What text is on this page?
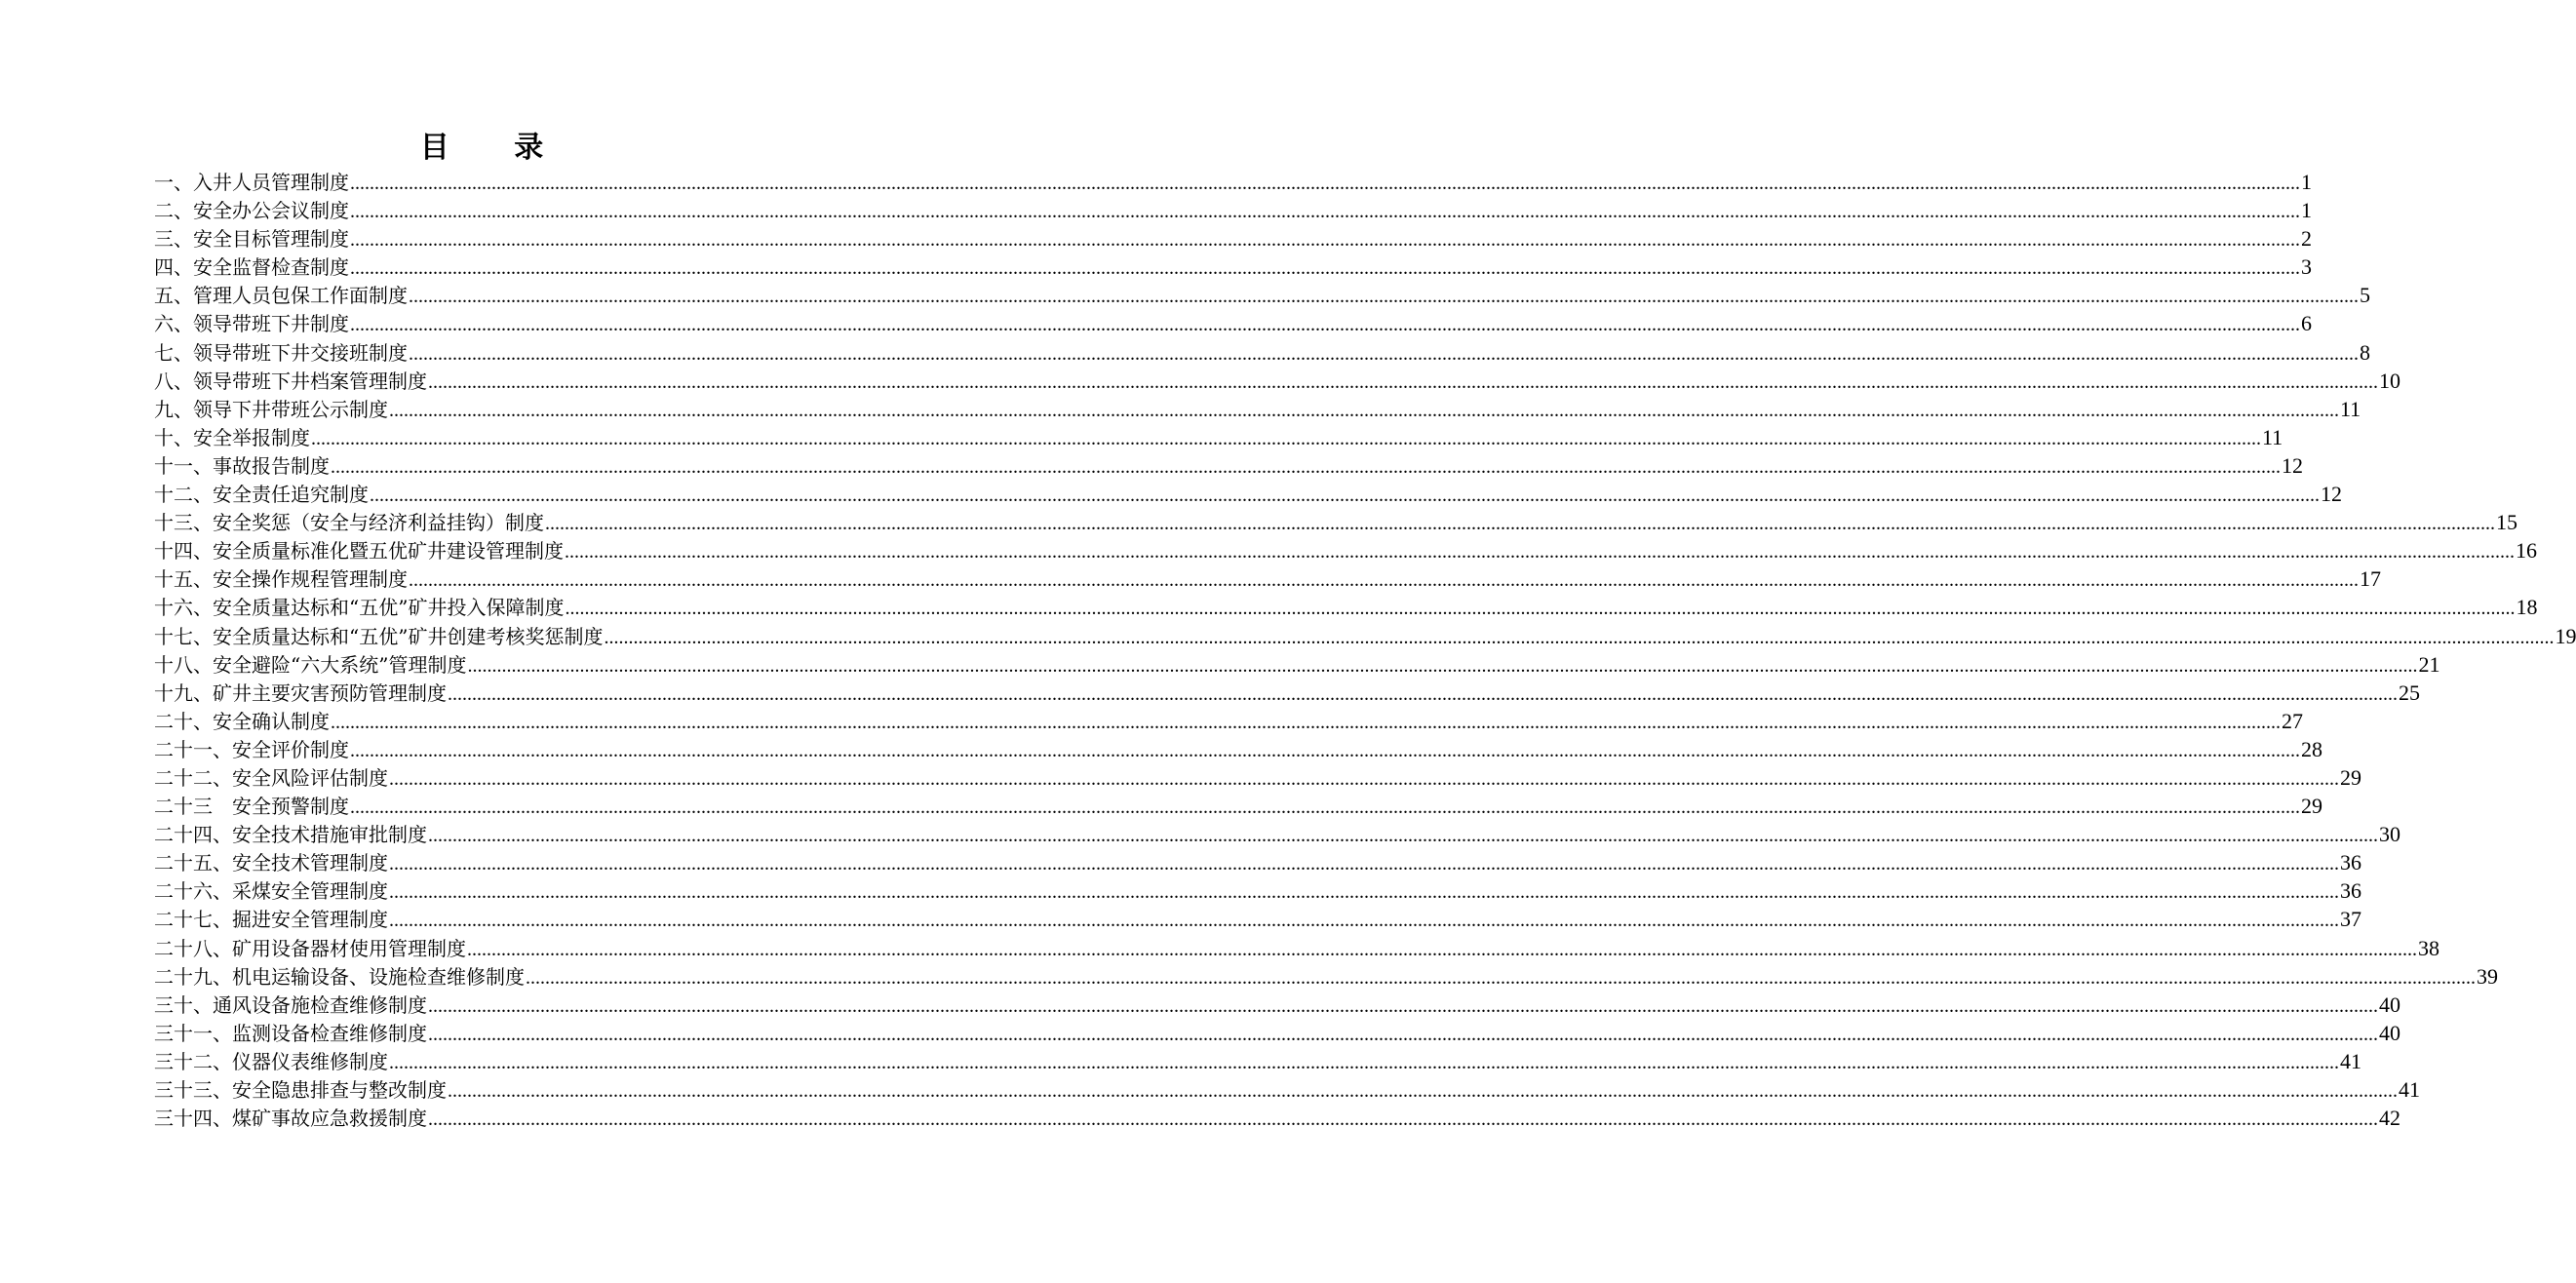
目 录
一、入井人员管理制度 ................................................................................................................................................................................................................................................................................................................................................................................................................ 1
二、安全办公会议制度 ................................................................................................................................................................................................................................................................................................................................................................................................................ 1
三、安全目标管理制度 ................................................................................................................................................................................................................................................................................................................................................................................................................ 2
四、安全监督检查制度 ................................................................................................................................................................................................................................................................................................................................................................................................................ 3
五、管理人员包保工作面制度 ................................................................................................................................................................................................................................................................................................................................................................................................................ 5
六、领导带班下井制度 ................................................................................................................................................................................................................................................................................................................................................................................................................ 6
七、领导带班下井交接班制度 ................................................................................................................................................................................................................................................................................................................................................................................................................ 8
八、领导带班下井档案管理制度 ................................................................................................................................................................................................................................................................................................................................................................................................................ 10
九、领导下井带班公示制度 ................................................................................................................................................................................................................................................................................................................................................................................................................ 11
十、安全举报制度 ................................................................................................................................................................................................................................................................................................................................................................................................................ 11
十一、事故报告制度 ................................................................................................................................................................................................................................................................................................................................................................................................................ 12
十二、安全责任追究制度 ................................................................................................................................................................................................................................................................................................................................................................................................................ 12
十三、安全奖惩（安全与经济利益挂钩）制度 ................................................................................................................................................................................................................................................................................................................................................................................................................ 15
十四、安全质量标准化暨五优矿井建设管理制度 ................................................................................................................................................................................................................................................................................................................................................................................................................ 16
十五、安全操作规程管理制度 ................................................................................................................................................................................................................................................................................................................................................................................................................ 17
十六、安全质量达标和“五优”矿井投入保障制度 ................................................................................................................................................................................................................................................................................................................................................................................................................ 18
十七、安全质量达标和“五优”矿井创建考核奖惩制度 ................................................................................................................................................................................................................................................................................................................................................................................................................ 19
十八、安全避险“六大系统”管理制度 ................................................................................................................................................................................................................................................................................................................................................................................................................ 21
十九、矿井主要灾害预防管理制度 ................................................................................................................................................................................................................................................................................................................................................................................................................ 25
二十、安全确认制度 ................................................................................................................................................................................................................................................................................................................................................................................................................ 27
二十一、安全评价制度 ................................................................................................................................................................................................................................................................................................................................................................................................................ 28
二十二、安全风险评估制度 ................................................................................................................................................................................................................................................................................................................................................................................................................ 29
二十三　安全预警制度 ................................................................................................................................................................................................................................................................................................................................................................................................................ 29
二十四、安全技术措施审批制度 ................................................................................................................................................................................................................................................................................................................................................................................................................ 30
二十五、安全技术管理制度 ................................................................................................................................................................................................................................................................................................................................................................................................................ 36
二十六、采煤安全管理制度 ................................................................................................................................................................................................................................................................................................................................................................................................................ 36
二十七、掘进安全管理制度 ................................................................................................................................................................................................................................................................................................................................................................................................................ 37
二十八、矿用设备器材使用管理制度 ................................................................................................................................................................................................................................................................................................................................................................................................................ 38
二十九、机电运输设备、设施检查维修制度 ................................................................................................................................................................................................................................................................................................................................................................................................................ 39
三十、通风设备施检查维修制度 ................................................................................................................................................................................................................................................................................................................................................................................................................ 40
三十一、监测设备检查维修制度 ................................................................................................................................................................................................................................................................................................................................................................................................................ 40
三十二、仪器仪表维修制度 ................................................................................................................................................................................................................................................................................................................................................................................................................ 41
三十三、安全隐患排查与整改制度 ................................................................................................................................................................................................................................................................................................................................................................................................................ 41
三十四、煤矿事故应急救援制度 ................................................................................................................................................................................................................................................................................................................................................................................................................ 42
